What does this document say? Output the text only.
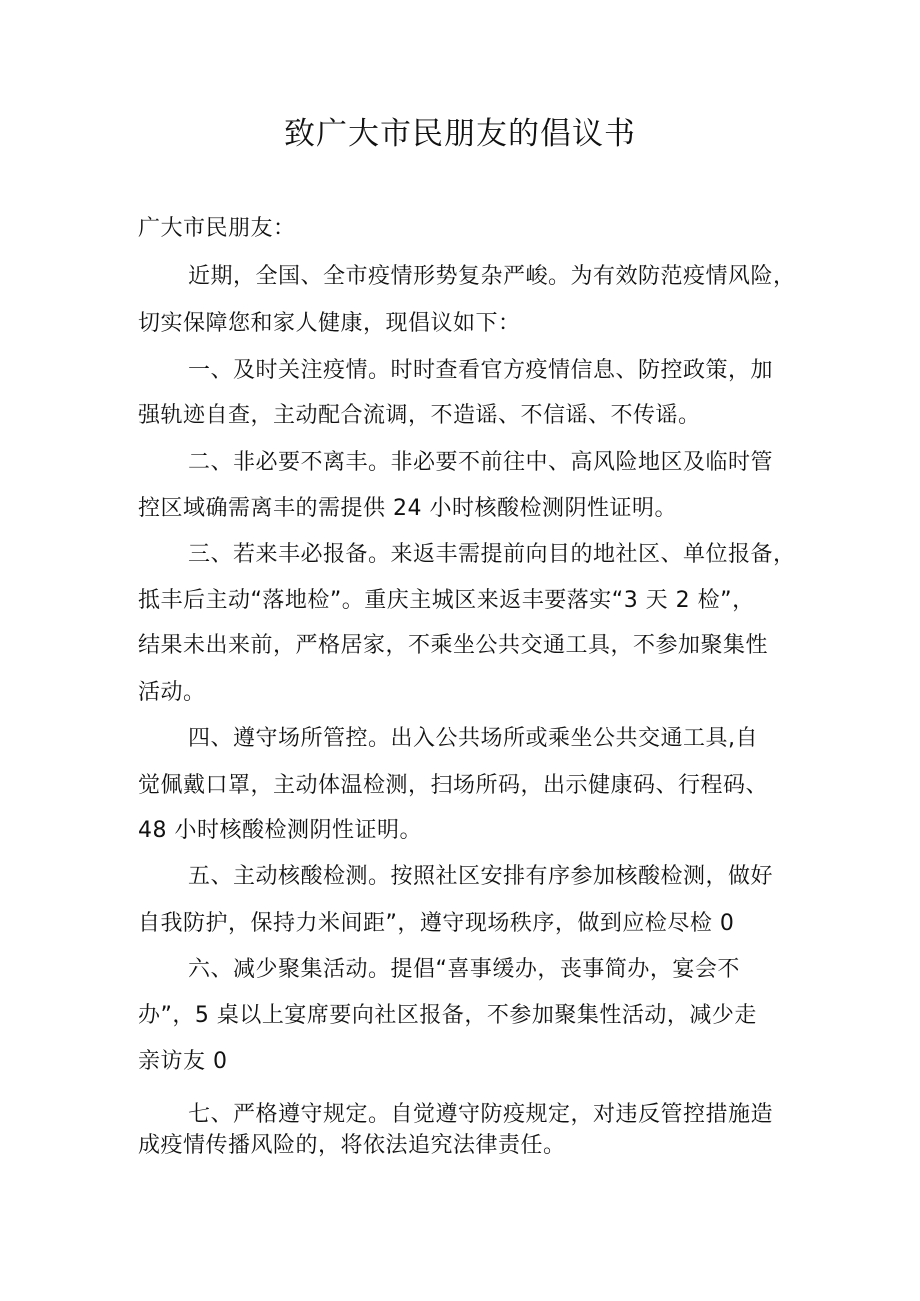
致广大市民朋友的倡议书
广大市民朋友：
近期，全国、全市疫情形势复杂严峻。为有效防范疫情风险，
切实保障您和家人健康，现倡议如下：
一、及时关注疫情。时时查看官方疫情信息、防控政策，加
强轨迹自查，主动配合流调，不造谣、不信谣、不传谣。
二、非必要不离丰。非必要不前往中、高风险地区及临时管
控区域确需离丰的需提供 24 小时核酸检测阴性证明。
三、若来丰必报备。来返丰需提前向目的地社区、单位报备，
抵丰后主动“落地检”。重庆主城区来返丰要落实“3 天 2 检”，
结果未出来前，严格居家，不乘坐公共交通工具，不参加聚集性
活动。
四、遵守场所管控。出入公共场所或乘坐公共交通工具,自
觉佩戴口罩，主动体温检测，扫场所码，出示健康码、行程码、
48 小时核酸检测阴性证明。
五、主动核酸检测。按照社区安排有序参加核酸检测，做好
自我防护，保持力米间距”，遵守现场秩序，做到应检尽检 0
六、减少聚集活动。提倡“喜事缓办，丧事简办，宴会不
办”，5 桌以上宴席要向社区报备，不参加聚集性活动，减少走
亲访友 0
七、严格遵守规定。自觉遵守防疫规定，对违反管控措施造
成疫情传播风险的，将依法追究法律责任。
